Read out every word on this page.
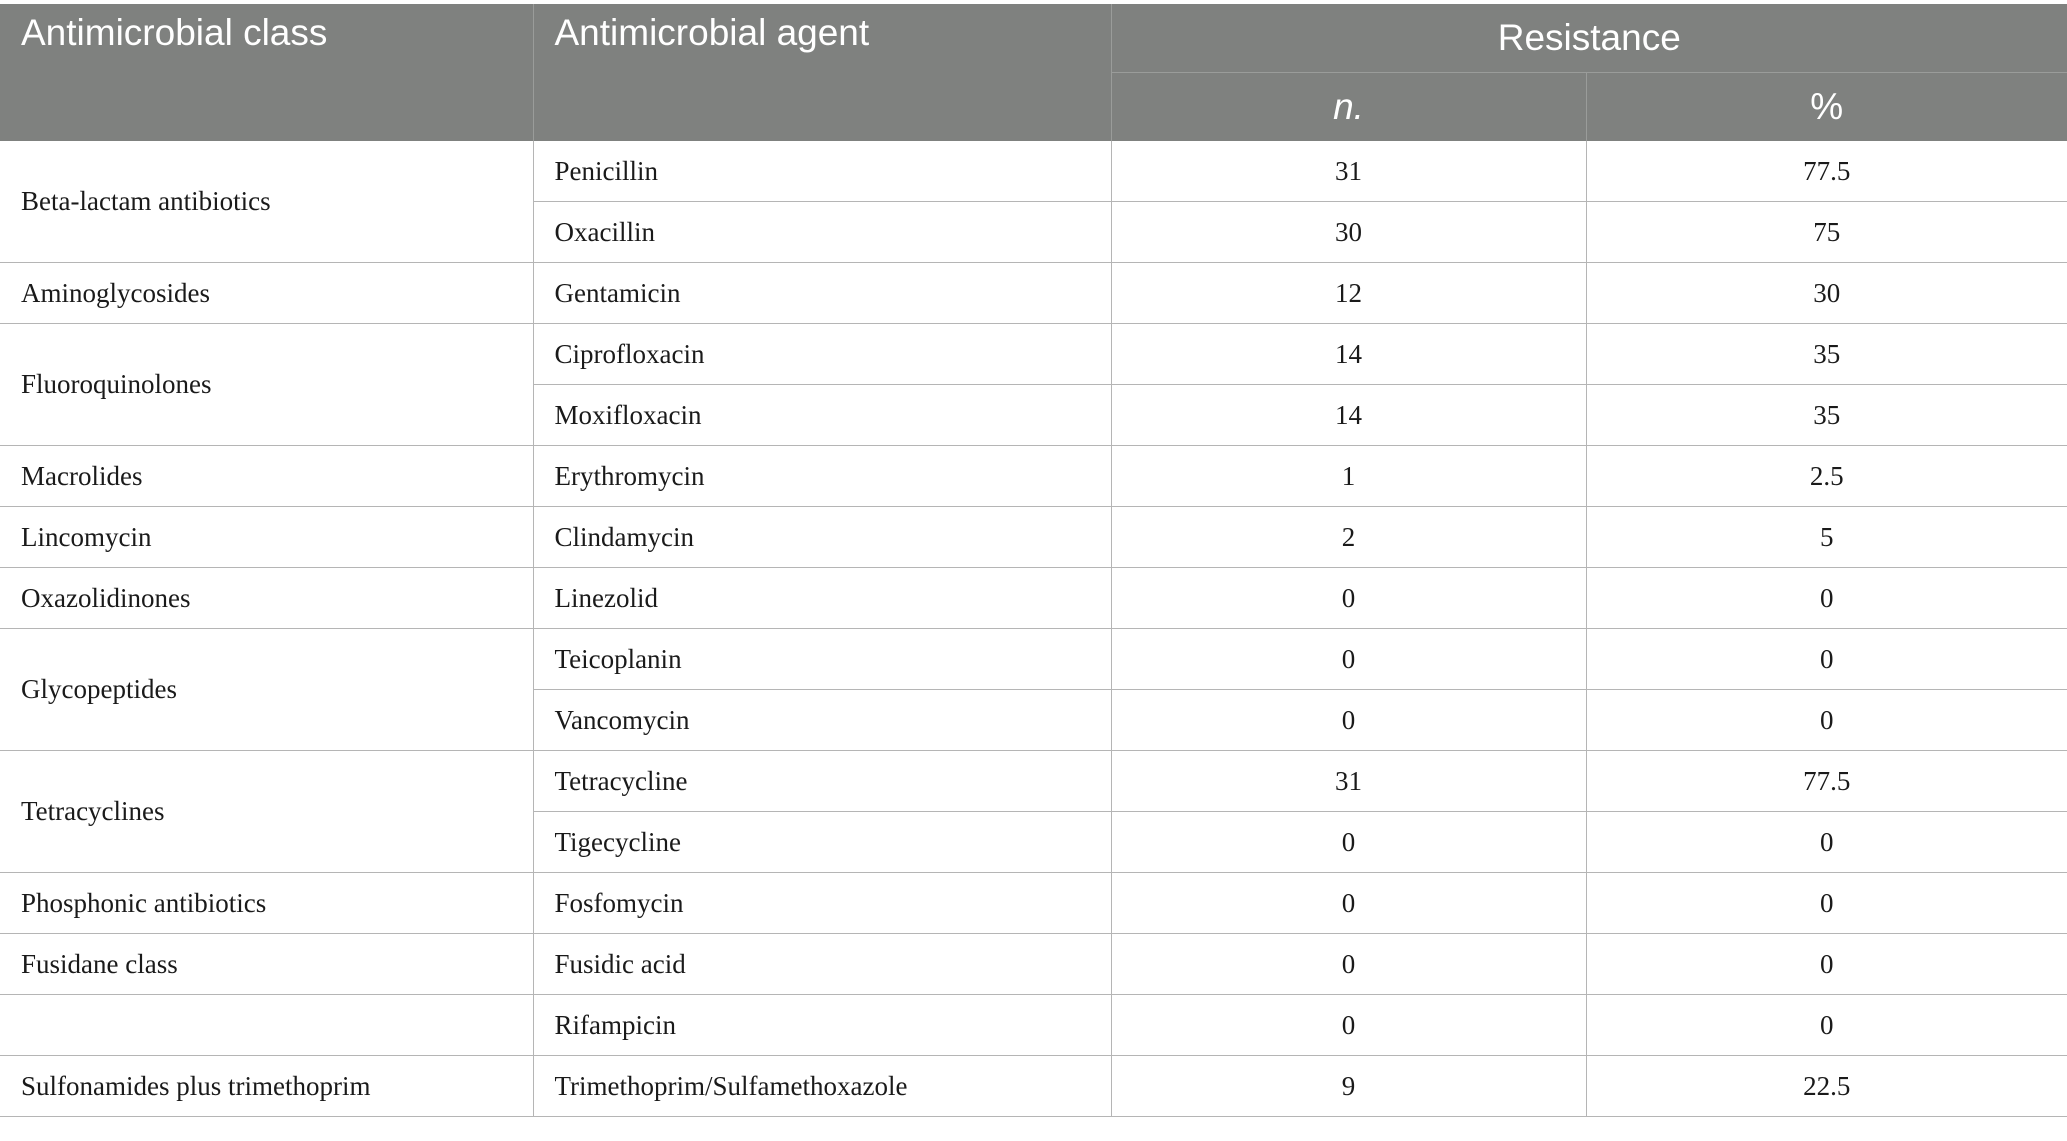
Antimicrobial class	Antimicrobial agent	Resistance	
		n.	%
Beta-lactam antibiotics	Penicillin	31	77.5
	Oxacillin	30	75
Aminoglycosides	Gentamicin	12	30
Fluoroquinolones	Ciprofloxacin	14	35
	Moxifloxacin	14	35
Macrolides	Erythromycin	1	2.5
Lincomycin	Clindamycin	2	5
Oxazolidinones	Linezolid	0	0
Glycopeptides	Teicoplanin	0	0
	Vancomycin	0	0
Tetracyclines	Tetracycline	31	77.5
	Tigecycline	0	0
Phosphonic antibiotics	Fosfomycin	0	0
Fusidane class	Fusidic acid	0	0
	Rifampicin	0	0
Sulfonamides plus trimethoprim	Trimethoprim/Sulfamethoxazole	9	22.5
